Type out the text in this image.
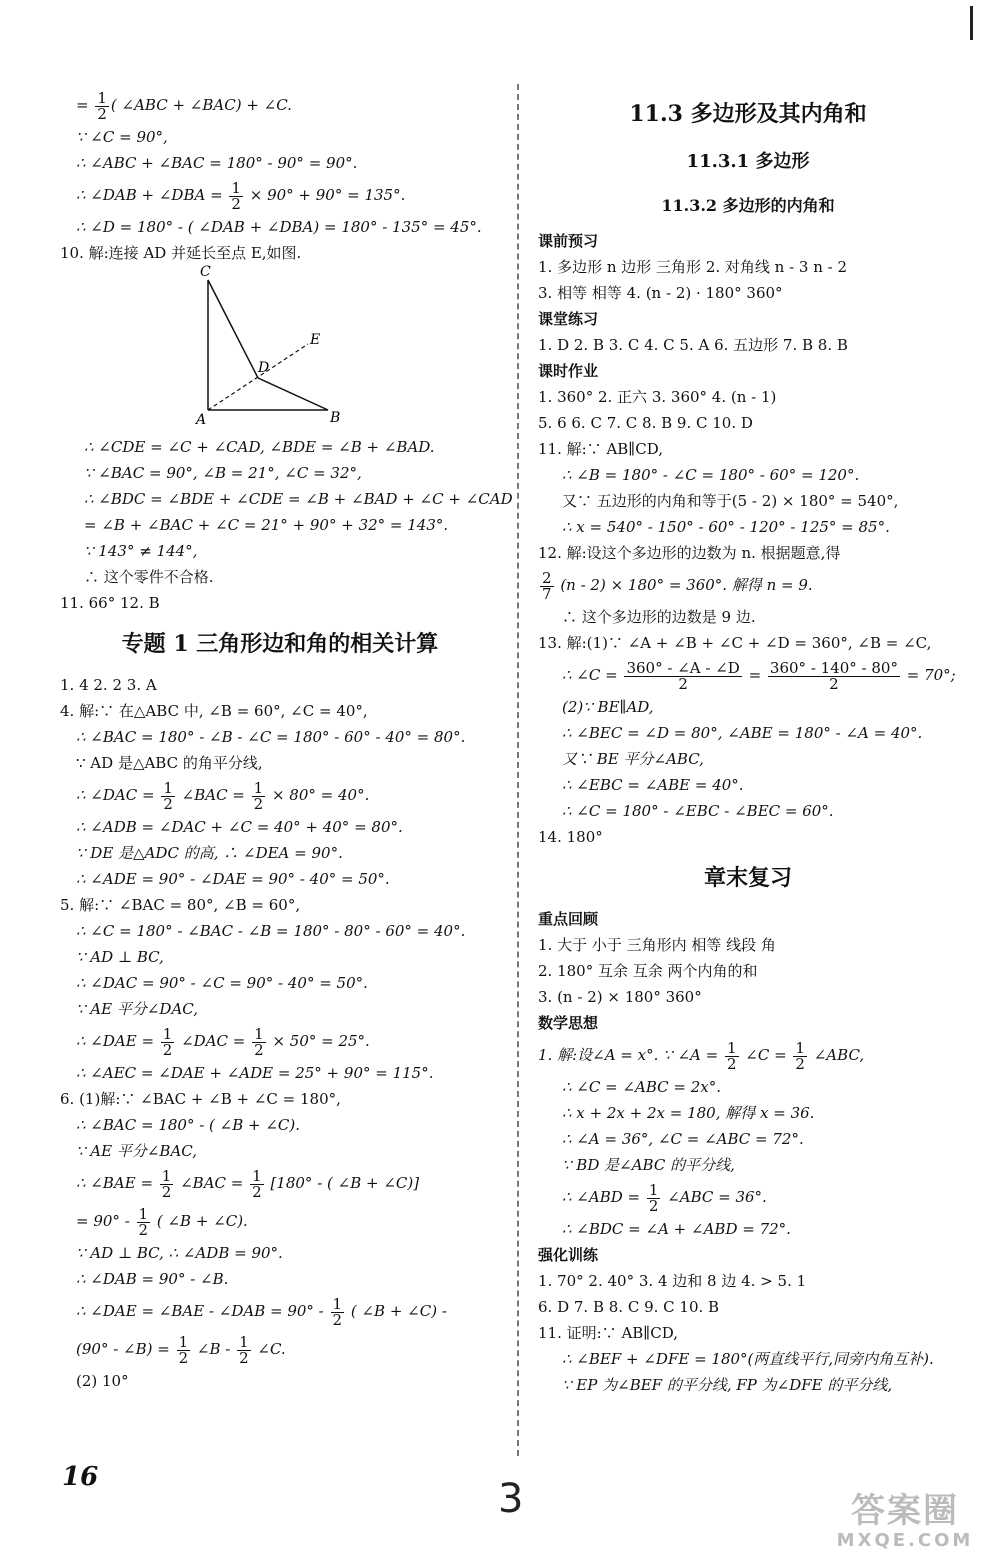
= $\frac{1}{2}$ ( ∠ABC + ∠BAC) + ∠C.
∵ ∠C = 90°,
∴ ∠ABC + ∠BAC = 180° - 90° = 90°.
∴ ∠DAB + ∠DBA = $\frac{1}{2} \times 90^\circ + 90^\circ = 135^\circ$.
∴ ∠D = 180° - ( ∠DAB + ∠DBA) = 180° - 135° = 45°.
10. 解:连接 AD 并延长至点 E,如图.
C
D
E
A	B
∴ ∠CDE = ∠C + ∠CAD, ∠BDE = ∠B + ∠BAD.
∵ ∠BAC = 90°, ∠B = 21°, ∠C = 32°,
∴ ∠BDC = ∠BDE + ∠CDE = ∠B + ∠BAD + ∠C + ∠CAD
= ∠B + ∠BAC + ∠C = 21° + 90° + 32° = 143°.
∵ 143° ≠ 144°,
∴ 这个零件不合格.
11. 66° 12. B
专题 1 三角形边和角的相关计算
1. 4 2. 2 3. A
4. 解:∵ 在△ABC 中, ∠B = 60°, ∠C = 40°,
∴ ∠BAC = 180° - ∠B - ∠C = 180° - 60° - 40° = 80°.
∵ AD 是△ABC 的角平分线,
∴ ∠DAC = $\frac{1}{2}$ ∠BAC = $\frac{1}{2} \times 80^\circ = 40^\circ$.
∴ ∠ADB = ∠DAC + ∠C = 40° + 40° = 80°.
∵ DE 是△ADC 的高, ∴ ∠DEA = 90°.
∴ ∠ADE = 90° - ∠DAE = 90° - 40° = 50°.
5. 解:∵ ∠BAC = 80°, ∠B = 60°,
∴ ∠C = 180° - ∠BAC - ∠B = 180° - 80° - 60° = 40°.
∵ AD ⊥ BC,
∴ ∠DAC = 90° - ∠C = 90° - 40° = 50°.
∵ AE 平分∠DAC,
∴ ∠DAE = $\frac{1}{2}$ ∠DAC = $\frac{1}{2} \times 50^\circ = 25^\circ$.
∴ ∠AEC = ∠DAE + ∠ADE = 25° + 90° = 115°.
6. (1)解:∵ ∠BAC + ∠B + ∠C = 180°,
∴ ∠BAC = 180° - ( ∠B + ∠C).
∵ AE 平分∠BAC,
∴ ∠BAE = $\frac{1}{2}$ ∠BAC = $\frac{1}{2} [180^\circ$ - ( ∠B + ∠C)]
= $90^\circ - \frac{1}{2}$ ( ∠B + ∠C).
∵ AD ⊥ BC, ∴ ∠ADB = 90°.
∴ ∠DAB = 90° - ∠B.
∴ ∠DAE = ∠BAE - ∠DAB = $90^\circ - \frac{1}{2}$ ( ∠B + ∠C) -
(90° - ∠B) = $\frac{1}{2}$ ∠B - $\frac{1}{2}$ ∠C.
(2) 10°
11.3 多边形及其内角和
11.3.1 多边形
11.3.2 多边形的内角和
课前预习
1. 多边形 n 边形 三角形 2. 对角线 n - 3 n - 2
3. 相等 相等 4. (n - 2) · 180° 360°
课堂练习
1. D 2. B 3. C 4. C 5. A 6. 五边形 7. B 8. B
课时作业
1. 360° 2. 正六 3. 360° 4. (n - 1)
5. 6 6. C 7. C 8. B 9. C 10. D
11. 解:∵ AB∥CD,
∴ ∠B = 180° - ∠C = 180° - 60° = 120°.
又∵ 五边形的内角和等于(5 - 2) × 180° = 540°,
∴ x = 540° - 150° - 60° - 120° - 125° = 85°.
12. 解:设这个多边形的边数为 n. 根据题意,得
$\frac{2}{7} (n - 2) \times 180^\circ = 360^\circ$. 解得 n = 9.
∴ 这个多边形的边数是 9 边.
13. 解:(1)∵ ∠A + ∠B + ∠C + ∠D = 360°, ∠B = ∠C,
∴ ∠C = $\frac{360^\circ - \angle A - \angle D}{2} = \frac{360^\circ - 140^\circ - 80^\circ}{2} = 70^\circ$;
(2)∵ BE∥AD,
∴ ∠BEC = ∠D = 80°, ∠ABE = 180° - ∠A = 40°.
又∵ BE 平分∠ABC,
∴ ∠EBC = ∠ABE = 40°.
∴ ∠C = 180° - ∠EBC - ∠BEC = 60°.
14. 180°
章末复习
重点回顾
1. 大于 小于 三角形内 相等 线段 角
2. 180° 互余 互余 两个内角的和
3. (n - 2) × 180° 360°
数学思想
1. 解:设∠A = x°. ∵ ∠A = $\frac{1}{2}$ ∠C = $\frac{1}{2}$ ∠ABC,
∴ ∠C = ∠ABC = 2x°.
∴ x + 2x + 2x = 180, 解得 x = 36.
∴ ∠A = 36°, ∠C = ∠ABC = 72°.
∵ BD 是∠ABC 的平分线,
∴ ∠ABD = $\frac{1}{2}$ ∠ABC = 36°.
∴ ∠BDC = ∠A + ∠ABD = 72°.
强化训练
1. 70° 2. 40° 3. 4 边和 8 边 4. > 5. 1
6. D 7. B 8. C 9. C 10. B
11. 证明:∵ AB∥CD,
∴ ∠BEF + ∠DFE = 180°(两直线平行,同旁内角互补).
∵ EP 为∠BEF 的平分线, FP 为∠DFE 的平分线,
16	3	答案圈
MXQE.COM
